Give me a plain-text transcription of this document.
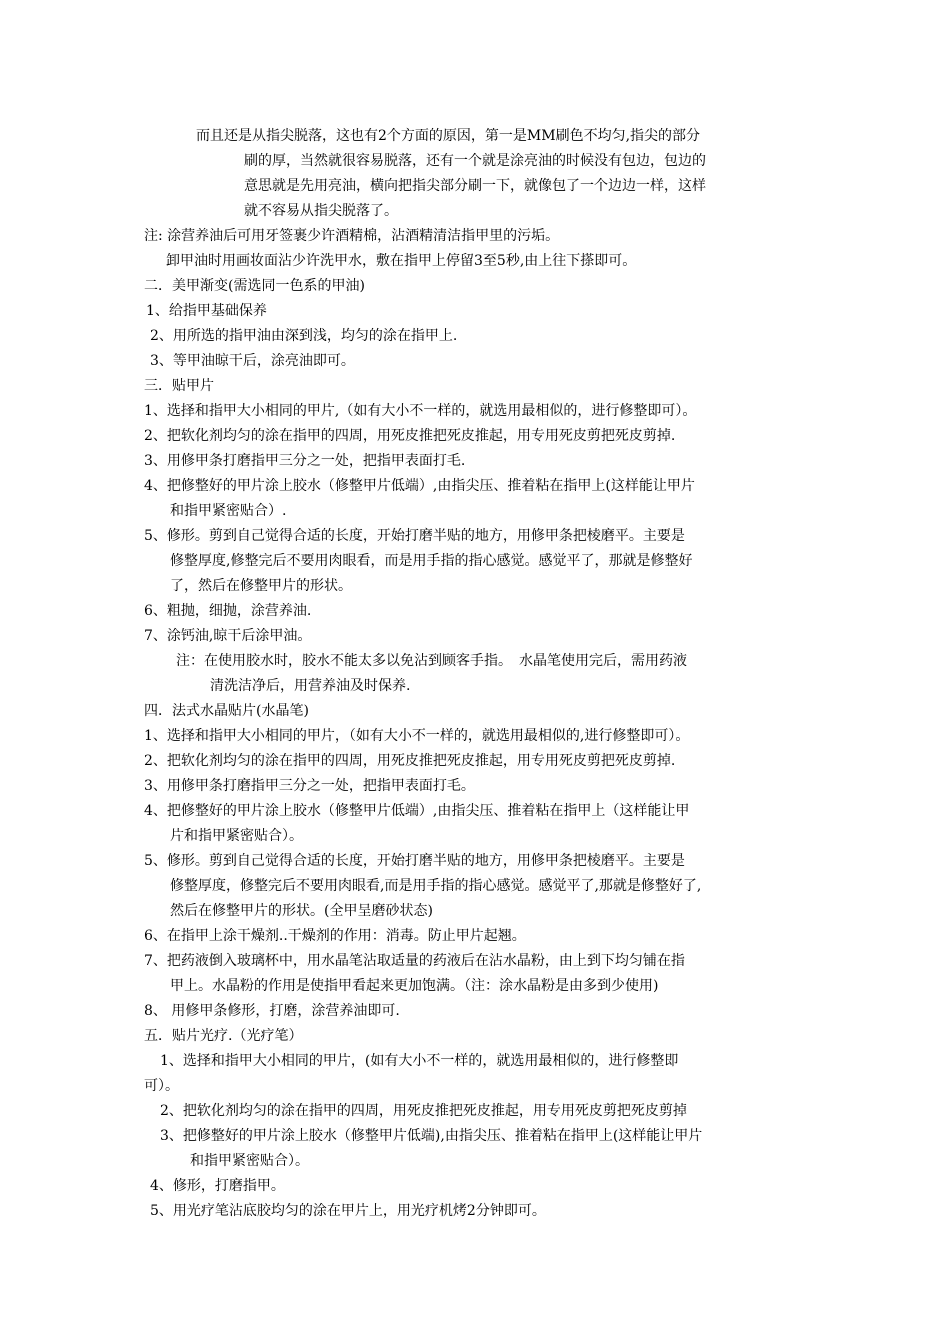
而且还是从指尖脱落，这也有2个方面的原因，第一是MM刷色不均匀,指尖的部分

刷的厚，当然就很容易脱落，还有一个就是涂亮油的时候没有包边，包边的

意思就是先用亮油，横向把指尖部分刷一下，就像包了一个边边一样，这样

就不容易从指尖脱落了。

注: 涂营养油后可用牙签裹少许酒精棉，沾酒精清洁指甲里的污垢。

卸甲油时用画妆面沾少许洗甲水，敷在指甲上停留3至5秒,由上往下搽即可。

二．美甲渐变(需选同一色系的甲油)

1、给指甲基础保养

2、用所选的指甲油由深到浅，均匀的涂在指甲上.

3、等甲油晾干后，涂亮油即可。

三．贴甲片

1、选择和指甲大小相同的甲片,（如有大小不一样的，就选用最相似的，进行修整即可）。

2、把软化剂均匀的涂在指甲的四周，用死皮推把死皮推起，用专用死皮剪把死皮剪掉.

3、用修甲条打磨指甲三分之一处，把指甲表面打毛.

4、把修整好的甲片涂上胶水（修整甲片低端）,由指尖压、推着粘在指甲上(这样能让甲片

和指甲紧密贴合）.

5、修形。剪到自己觉得合适的长度，开始打磨半贴的地方，用修甲条把棱磨平。主要是

修整厚度,修整完后不要用肉眼看，而是用手指的指心感觉。感觉平了，那就是修整好

了，然后在修整甲片的形状。

6、粗抛，细抛，涂营养油.

7、涂钙油,晾干后涂甲油。

注：在使用胶水时，胶水不能太多以免沾到顾客手指。　水晶笔使用完后，需用药液

清洗洁净后，用营养油及时保养.

四．法式水晶贴片(水晶笔)

1、选择和指甲大小相同的甲片，（如有大小不一样的，就选用最相似的,进行修整即可）。

2、把软化剂均匀的涂在指甲的四周，用死皮推把死皮推起，用专用死皮剪把死皮剪掉.

3、用修甲条打磨指甲三分之一处，把指甲表面打毛。

4、把修整好的甲片涂上胶水（修整甲片低端）,由指尖压、推着粘在指甲上（这样能让甲

片和指甲紧密贴合）。

5、修形。剪到自己觉得合适的长度，开始打磨半贴的地方，用修甲条把棱磨平。主要是

修整厚度，修整完后不要用肉眼看,而是用手指的指心感觉。感觉平了,那就是修整好了,

然后在修整甲片的形状。(全甲呈磨砂状态)

6、在指甲上涂干燥剂..干燥剂的作用：消毒。防止甲片起翘。

7、把药液倒入玻璃杯中，用水晶笔沾取适量的药液后在沾水晶粉，由上到下均匀铺在指

甲上。水晶粉的作用是使指甲看起来更加饱满。（注：涂水晶粉是由多到少使用)

8、 用修甲条修形，打磨，涂营养油即可.

五．贴片光疗.（光疗笔）

1、选择和指甲大小相同的甲片，(如有大小不一样的，就选用最相似的，进行修整即

可）。

2、把软化剂均匀的涂在指甲的四周，用死皮推把死皮推起，用专用死皮剪把死皮剪掉

3、把修整好的甲片涂上胶水（修整甲片低端),由指尖压、推着粘在指甲上(这样能让甲片

和指甲紧密贴合）。

4、修形，打磨指甲。

5、用光疗笔沾底胶均匀的涂在甲片上，用光疗机烤2分钟即可。
